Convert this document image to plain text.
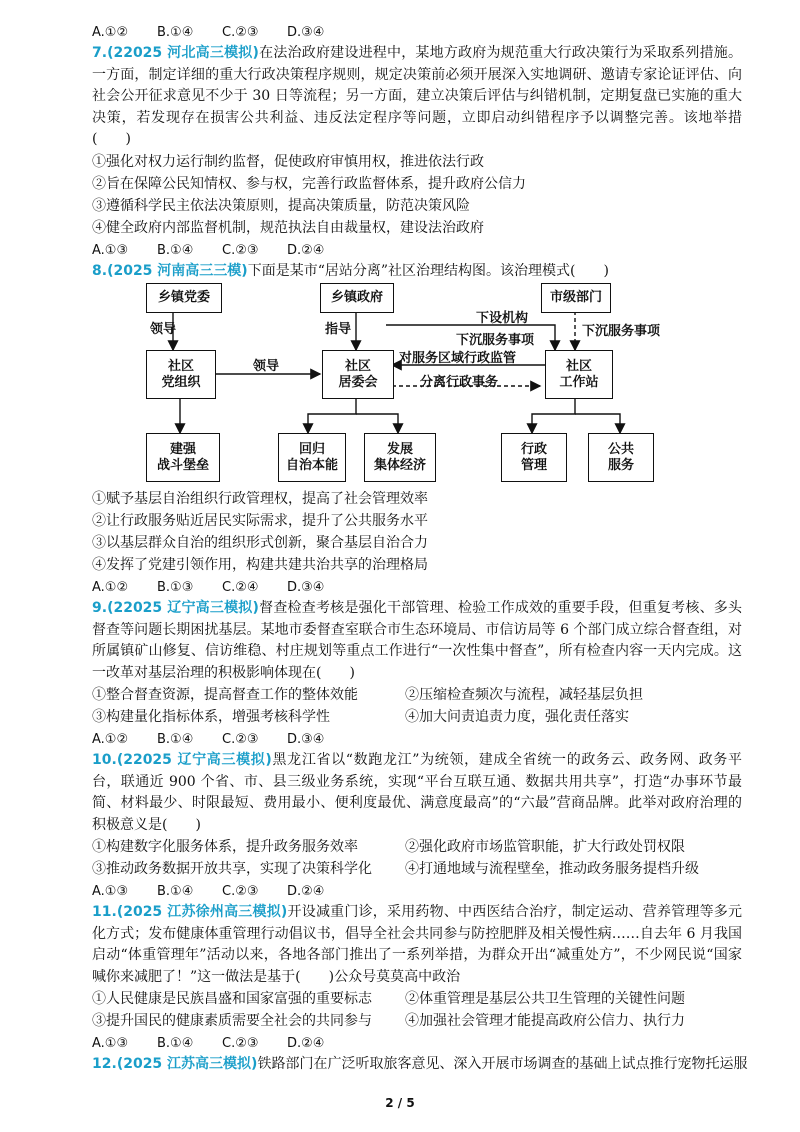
A.①② B.①④ C.②③ D.③④
7.(22025 河北高三模拟)在法治政府建设进程中，某地方政府为规范重大行政决策行为采取系列措施。一方面，制定详细的重大行政决策程序规则，规定决策前必须开展深入实地调研、邀请专家论证评估、向社会公开征求意见不少于 30 日等流程；另一方面，建立决策后评估与纠错机制，定期复盘已实施的重大决策，若发现存在损害公共利益、违反法定程序等问题，立即启动纠错程序予以调整完善。该地举措(　　)
①强化对权力运行制约监督，促使政府审慎用权，推进依法行政
②旨在保障公民知情权、参与权，完善行政监督体系，提升政府公信力
③遵循科学民主依法决策原则，提高决策质量，防范决策风险
④健全政府内部监督机制，规范执法自由裁量权，建设法治政府
A.①③ B.①④ C.②③ D.②④
8.(2025 河南高三三模)下面是某市“居站分离”社区治理结构图。该治理模式(　　)
乡镇党委	乡镇政府	市级部门
社区
党组织
社区
居委会
社区
工作站
建强
战斗堡垒
回归
自治本能
发展
集体经济
行政
管理
公共
服务
领导
领导
指导
下设机构
下沉服务事项
下沉服务事项
对服务区域行政监管
分离行政事务
①赋予基层自治组织行政管理权，提高了社会管理效率
②让行政服务贴近居民实际需求，提升了公共服务水平
③以基层群众自治的组织形式创新，聚合基层自治合力
④发挥了党建引领作用，构建共建共治共享的治理格局
A.①② B.①③ C.②④ D.③④
9.(22025 辽宁高三模拟)督查检查考核是强化干部管理、检验工作成效的重要手段，但重复考核、多头督查等问题长期困扰基层。某地市委督查室联合市生态环境局、市信访局等 6 个部门成立综合督查组，对所属镇矿山修复、信访维稳、村庄规划等重点工作进行“一次性集中督查”，所有检查内容一天内完成。这一改革对基层治理的积极影响体现在(　　)
①整合督查资源，提高督查工作的整体效能	②压缩检查频次与流程，减轻基层负担
③构建量化指标体系，增强考核科学性	④加大问责追责力度，强化责任落实
A.①② B.①④ C.②③ D.③④
10.(22025 辽宁高三模拟)黑龙江省以“数跑龙江”为统领，建成全省统一的政务云、政务网、政务平台，联通近 900 个省、市、县三级业务系统，实现“平台互联互通、数据共用共享”，打造“办事环节最简、材料最少、时限最短、费用最小、便利度最优、满意度最高”的“六最”营商品牌。此举对政府治理的积极意义是(　　)
①构建数字化服务体系，提升政务服务效率	②强化政府市场监管职能，扩大行政处罚权限
③推动政务数据开放共享，实现了决策科学化 ④打通地域与流程壁垒，推动政务服务提档升级
A.①③ B.①④ C.②③ D.②④
11.(2025 江苏徐州高三模拟)开设减重门诊，采用药物、中西医结合治疗，制定运动、营养管理等多元化方式；发布健康体重管理行动倡议书，倡导全社会共同参与防控肥胖及相关慢性病……自去年 6 月我国启动“体重管理年”活动以来，各地各部门推出了一系列举措，为群众开出“减重处方”，不少网民说“国家喊你来减肥了！”这一做法是基于(　　)公众号莫莫高中政治
①人民健康是民族昌盛和国家富强的重要标志 ②体重管理是基层公共卫生管理的关键性问题
③提升国民的健康素质需要全社会的共同参与 ④加强社会管理才能提高政府公信力、执行力
A.①③ B.①④ C.②③ D.②④
12.(2025 江苏高三模拟)铁路部门在广泛听取旅客意见、深入开展市场调查的基础上试点推行宠物托运服
2 / 5
